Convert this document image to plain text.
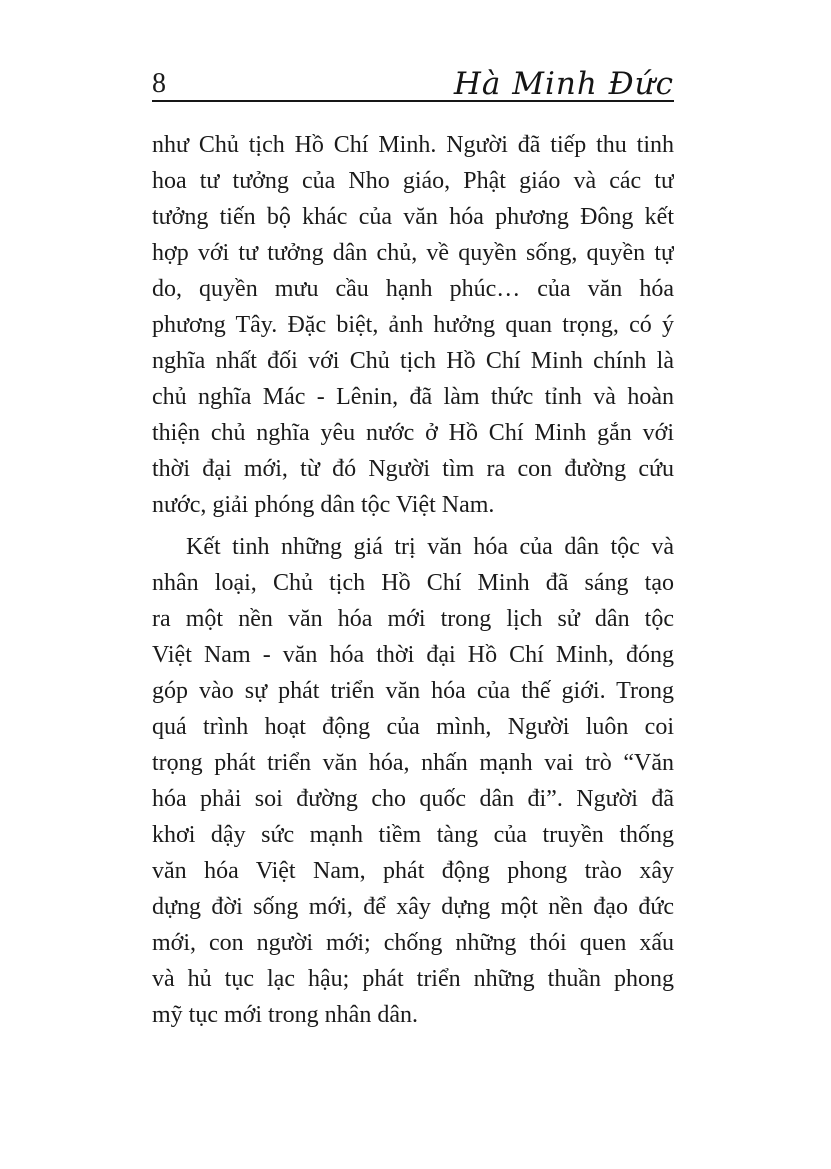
8	Hà Minh Đức
như Chủ tịch Hồ Chí Minh. Người đã tiếp thu tinh
hoa tư tưởng của Nho giáo, Phật giáo và các tư
tưởng tiến bộ khác của văn hóa phương Đông kết
hợp với tư tưởng dân chủ, về quyền sống, quyền tự
do, quyền mưu cầu hạnh phúc… của văn hóa
phương Tây. Đặc biệt, ảnh hưởng quan trọng, có ý
nghĩa nhất đối với Chủ tịch Hồ Chí Minh chính là
chủ nghĩa Mác - Lênin, đã làm thức tỉnh và hoàn
thiện chủ nghĩa yêu nước ở Hồ Chí Minh gắn với
thời đại mới, từ đó Người tìm ra con đường cứu
nước, giải phóng dân tộc Việt Nam.
Kết tinh những giá trị văn hóa của dân tộc và
nhân loại, Chủ tịch Hồ Chí Minh đã sáng tạo
ra một nền văn hóa mới trong lịch sử dân tộc
Việt Nam - văn hóa thời đại Hồ Chí Minh, đóng
góp vào sự phát triển văn hóa của thế giới. Trong
quá trình hoạt động của mình, Người luôn coi
trọng phát triển văn hóa, nhấn mạnh vai trò “Văn
hóa phải soi đường cho quốc dân đi”. Người đã
khơi dậy sức mạnh tiềm tàng của truyền thống
văn hóa Việt Nam, phát động phong trào xây
dựng đời sống mới, để xây dựng một nền đạo đức
mới, con người mới; chống những thói quen xấu
và hủ tục lạc hậu; phát triển những thuần phong
mỹ tục mới trong nhân dân.
